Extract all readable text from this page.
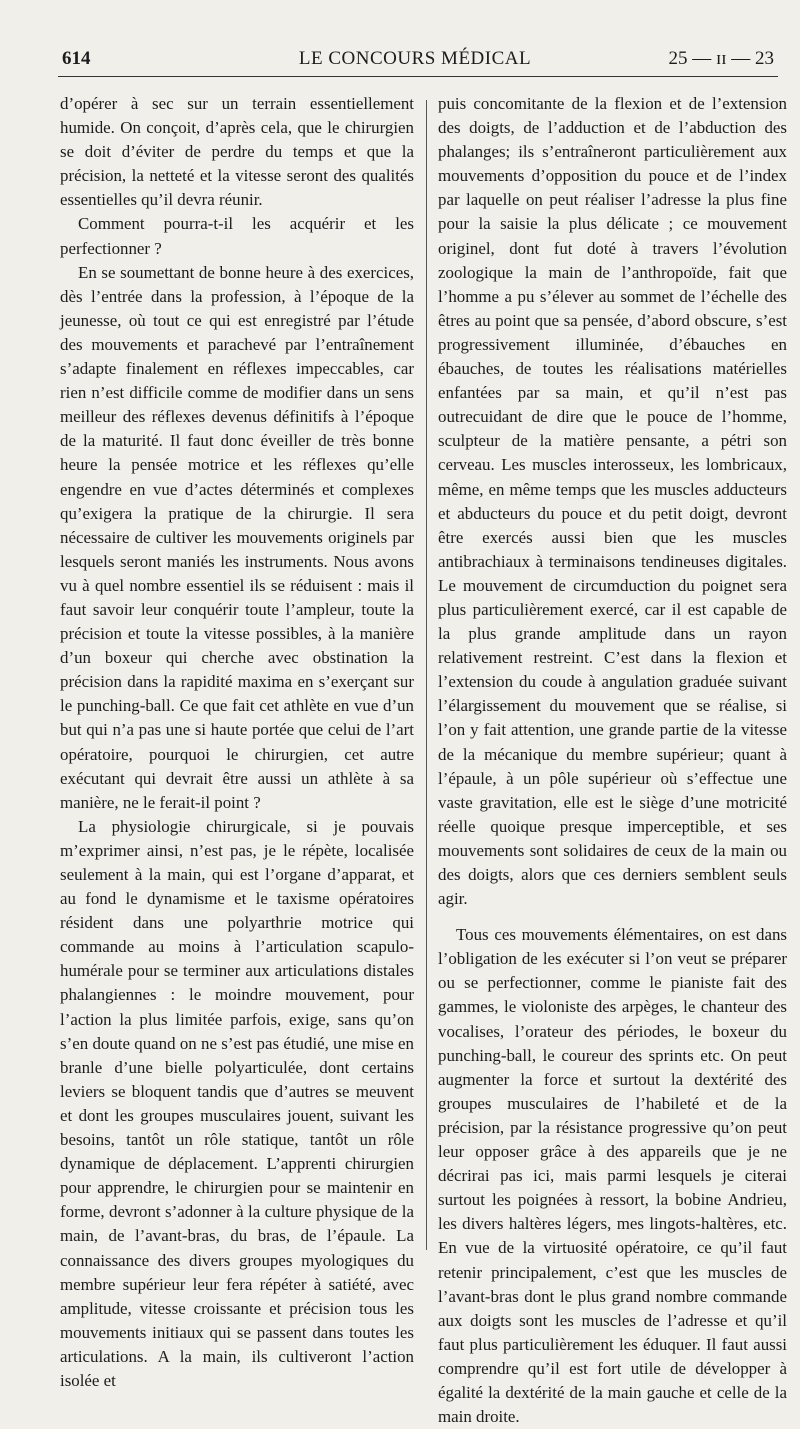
614	LE CONCOURS MÉDICAL	25 — ɪɪ — 23

d’opérer à sec sur un terrain essentiellement humide. On conçoit, d’après cela, que le chirurgien se doit d’éviter de perdre du temps et que la précision, la netteté et la vitesse seront des qualités essentielles qu’il devra réunir.

Comment pourra-t-il les acquérir et les perfectionner ?

En se soumettant de bonne heure à des exercices, dès l’entrée dans la profession, à l’époque de la jeunesse, où tout ce qui est enregistré par l’étude des mouvements et parachevé par l’entraînement s’adapte finalement en réflexes impeccables, car rien n’est difficile comme de modifier dans un sens meilleur des réflexes devenus définitifs à l’époque de la maturité. Il faut donc éveiller de très bonne heure la pensée motrice et les réflexes qu’elle engendre en vue d’actes déterminés et complexes qu’exigera la pratique de la chirurgie. Il sera nécessaire de cultiver les mouvements originels par lesquels seront maniés les instruments. Nous avons vu à quel nombre essentiel ils se réduisent : mais il faut savoir leur conquérir toute l’ampleur, toute la précision et toute la vitesse possibles, à la manière d’un boxeur qui cherche avec obstination la précision dans la rapidité maxima en s’exerçant sur le punching-ball. Ce que fait cet athlète en vue d’un but qui n’a pas une si haute portée que celui de l’art opératoire, pourquoi le chirurgien, cet autre exécutant qui devrait être aussi un athlète à sa manière, ne le ferait-il point ?

La physiologie chirurgicale, si je pouvais m’exprimer ainsi, n’est pas, je le répète, localisée seulement à la main, qui est l’organe d’apparat, et au fond le dynamisme et le taxisme opératoires résident dans une polyarthrie motrice qui commande au moins à l’articulation scapulo-humérale pour se terminer aux articulations distales phalangiennes : le moindre mouvement, pour l’action la plus limitée parfois, exige, sans qu’on s’en doute quand on ne s’est pas étudié, une mise en branle d’une bielle polyarticulée, dont certains leviers se bloquent tandis que d’autres se meuvent et dont les groupes musculaires jouent, suivant les besoins, tantôt un rôle statique, tantôt un rôle dynamique de déplacement. L’apprenti chirurgien pour apprendre, le chirurgien pour se maintenir en forme, devront s’adonner à la culture physique de la main, de l’avant-bras, du bras, de l’épaule. La connaissance des divers groupes myologiques du membre supérieur leur fera répéter à satiété, avec amplitude, vitesse croissante et précision tous les mouvements initiaux qui se passent dans toutes les articulations. A la main, ils cultiveront l’action isolée et

puis concomitante de la flexion et de l’extension des doigts, de l’adduction et de l’abduction des phalanges; ils s’entraîneront particulièrement aux mouvements d’opposition du pouce et de l’index par laquelle on peut réaliser l’adresse la plus fine pour la saisie la plus délicate ; ce mouvement originel, dont fut doté à travers l’évolution zoologique la main de l’anthropoïde, fait que l’homme a pu s’élever au sommet de l’échelle des êtres au point que sa pensée, d’abord obscure, s’est progressivement illuminée, d’ébauches en ébauches, de toutes les réalisations matérielles enfantées par sa main, et qu’il n’est pas outrecuidant de dire que le pouce de l’homme, sculpteur de la matière pensante, a pétri son cerveau. Les muscles interosseux, les lombricaux, même, en même temps que les muscles adducteurs et abducteurs du pouce et du petit doigt, devront être exercés aussi bien que les muscles antibrachiaux à terminaisons tendineuses digitales. Le mouvement de circumduction du poignet sera plus particulièrement exercé, car il est capable de la plus grande amplitude dans un rayon relativement restreint. C’est dans la flexion et l’extension du coude à angulation graduée suivant l’élargissement du mouvement que se réalise, si l’on y fait attention, une grande partie de la vitesse de la mécanique du membre supérieur; quant à l’épaule, à un pôle supérieur où s’effectue une vaste gravitation, elle est le siège d’une motricité réelle quoique presque imperceptible, et ses mouvements sont solidaires de ceux de la main ou des doigts, alors que ces derniers semblent seuls agir.

Tous ces mouvements élémentaires, on est dans l’obligation de les exécuter si l’on veut se préparer ou se perfectionner, comme le pianiste fait des gammes, le violoniste des arpèges, le chanteur des vocalises, l’orateur des périodes, le boxeur du punching-ball, le coureur des sprints etc. On peut augmenter la force et surtout la dextérité des groupes musculaires de l’habileté et de la précision, par la résistance progressive qu’on peut leur opposer grâce à des appareils que je ne décrirai pas ici, mais parmi lesquels je citerai surtout les poignées à ressort, la bobine Andrieu, les divers haltères légers, mes lingots-haltères, etc. En vue de la virtuosité opératoire, ce qu’il faut retenir principalement, c’est que les muscles de l’avant-bras dont le plus grand nombre commande aux doigts sont les muscles de l’adresse et qu’il faut plus particulièrement les éduquer. Il faut aussi comprendre qu’il est fort utile de développer à égalité la dextérité de la main gauche et celle de la main droite.
